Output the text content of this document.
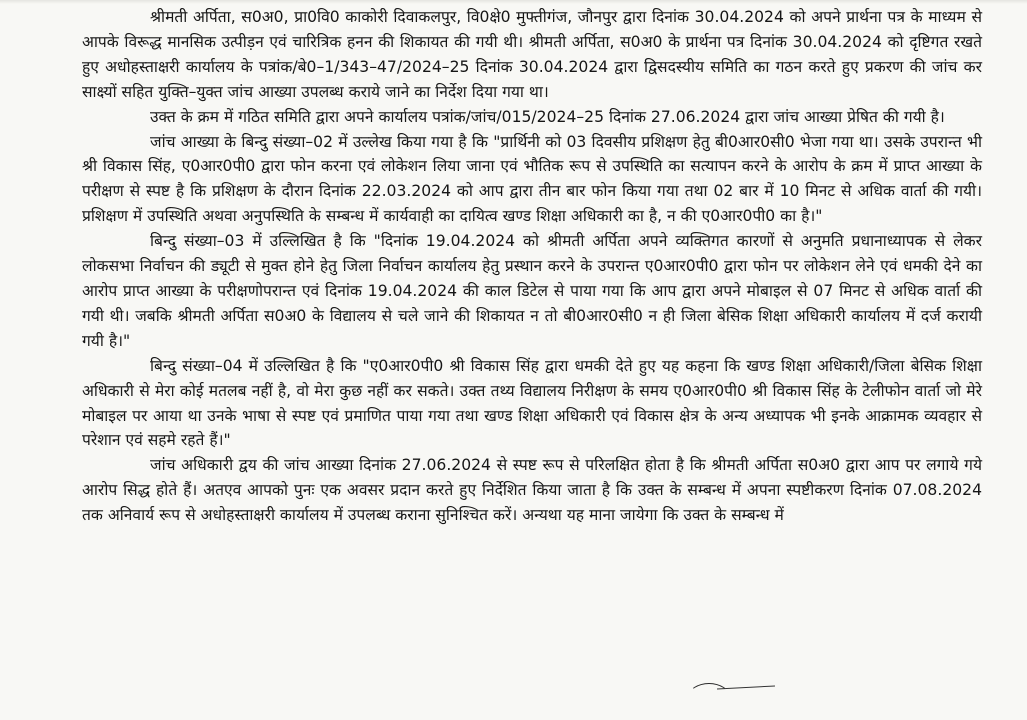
श्रीमती अर्पिता, स0अ0, प्रा0वि0 काकोरी दिवाकलपुर, वि0क्षे0 मुफ्तीगंज, जौनपुर द्वारा दिनांक 30.04.2024 को अपने प्रार्थना पत्र के माध्यम से आपके विरूद्ध मानसिक उत्पीड़न एवं चारित्रिक हनन की शिकायत की गयी थी। श्रीमती अर्पिता, स0अ0 के प्रार्थना पत्र दिनांक 30.04.2024 को दृष्टिगत रखते हुए अधोहस्ताक्षरी कार्यालय के पत्रांक/बे0–1/343–47/2024–25 दिनांक 30.04.2024 द्वारा द्विसदस्यीय समिति का गठन करते हुए प्रकरण की जांच कर साक्ष्यों सहित युक्ति–युक्त जांच आख्या उपलब्ध कराये जाने का निर्देश दिया गया था।

उक्त के क्रम में गठित समिति द्वारा अपने कार्यालय पत्रांक/जांच/015/2024–25 दिनांक 27.06.2024 द्वारा जांच आख्या प्रेषित की गयी है।

जांच आख्या के बिन्दु संख्या–02 में उल्लेख किया गया है कि "प्रार्थिनी को 03 दिवसीय प्रशिक्षण हेतु बी0आर0सी0 भेजा गया था। उसके उपरान्त भी श्री विकास सिंह, ए0आर0पी0 द्वारा फोन करना एवं लोकेशन लिया जाना एवं भौतिक रूप से उपस्थिति का सत्यापन करने के आरोप के क्रम में प्राप्त आख्या के परीक्षण से स्पष्ट है कि प्रशिक्षण के दौरान दिनांक 22.03.2024 को आप द्वारा तीन बार फोन किया गया तथा 02 बार में 10 मिनट से अधिक वार्ता की गयी। प्रशिक्षण में उपस्थिति अथवा अनुपस्थिति के सम्बन्ध में कार्यवाही का दायित्व खण्ड शिक्षा अधिकारी का है, न की ए0आर0पी0 का है।"

बिन्दु संख्या–03 में उल्लिखित है कि "दिनांक 19.04.2024 को श्रीमती अर्पिता अपने व्यक्तिगत कारणों से अनुमति प्रधानाध्यापक से लेकर लोकसभा निर्वाचन की ड्यूटी से मुक्त होने हेतु जिला निर्वाचन कार्यालय हेतु प्रस्थान करने के उपरान्त ए0आर0पी0 द्वारा फोन पर लोकेशन लेने एवं धमकी देने का आरोप प्राप्त आख्या के परीक्षणोपरान्त एवं दिनांक 19.04.2024 की काल डिटेल से पाया गया कि आप द्वारा अपने मोबाइल से 07 मिनट से अधिक वार्ता की गयी थी। जबकि श्रीमती अर्पिता स0अ0 के विद्यालय से चले जाने की शिकायत न तो बी0आर0सी0 न ही जिला बेसिक शिक्षा अधिकारी कार्यालय में दर्ज करायी गयी है।"

बिन्दु संख्या–04 में उल्लिखित है कि "ए0आर0पी0 श्री विकास सिंह द्वारा धमकी देते हुए यह कहना कि खण्ड शिक्षा अधिकारी/जिला बेसिक शिक्षा अधिकारी से मेरा कोई मतलब नहीं है, वो मेरा कुछ नहीं कर सकते। उक्त तथ्य विद्यालय निरीक्षण के समय ए0आर0पी0 श्री विकास सिंह के टेलीफोन वार्ता जो मेरे मोबाइल पर आया था उनके भाषा से स्पष्ट एवं प्रमाणित पाया गया तथा खण्ड शिक्षा अधिकारी एवं विकास क्षेत्र के अन्य अध्यापक भी इनके आक्रामक व्यवहार से परेशान एवं सहमे रहते हैं।"

जांच अधिकारी द्वय की जांच आख्या दिनांक 27.06.2024 से स्पष्ट रूप से परिलक्षित होता है कि श्रीमती अर्पिता स0अ0 द्वारा आप पर लगाये गये आरोप सिद्ध होते हैं। अतएव आपको पुनः एक अवसर प्रदान करते हुए निर्देशित किया जाता है कि उक्त के सम्बन्ध में अपना स्पष्टीकरण दिनांक 07.08.2024 तक अनिवार्य रूप से अधोहस्ताक्षरी कार्यालय में उपलब्ध कराना सुनिश्चित करें। अन्यथा यह माना जायेगा कि उक्त के सम्बन्ध में
